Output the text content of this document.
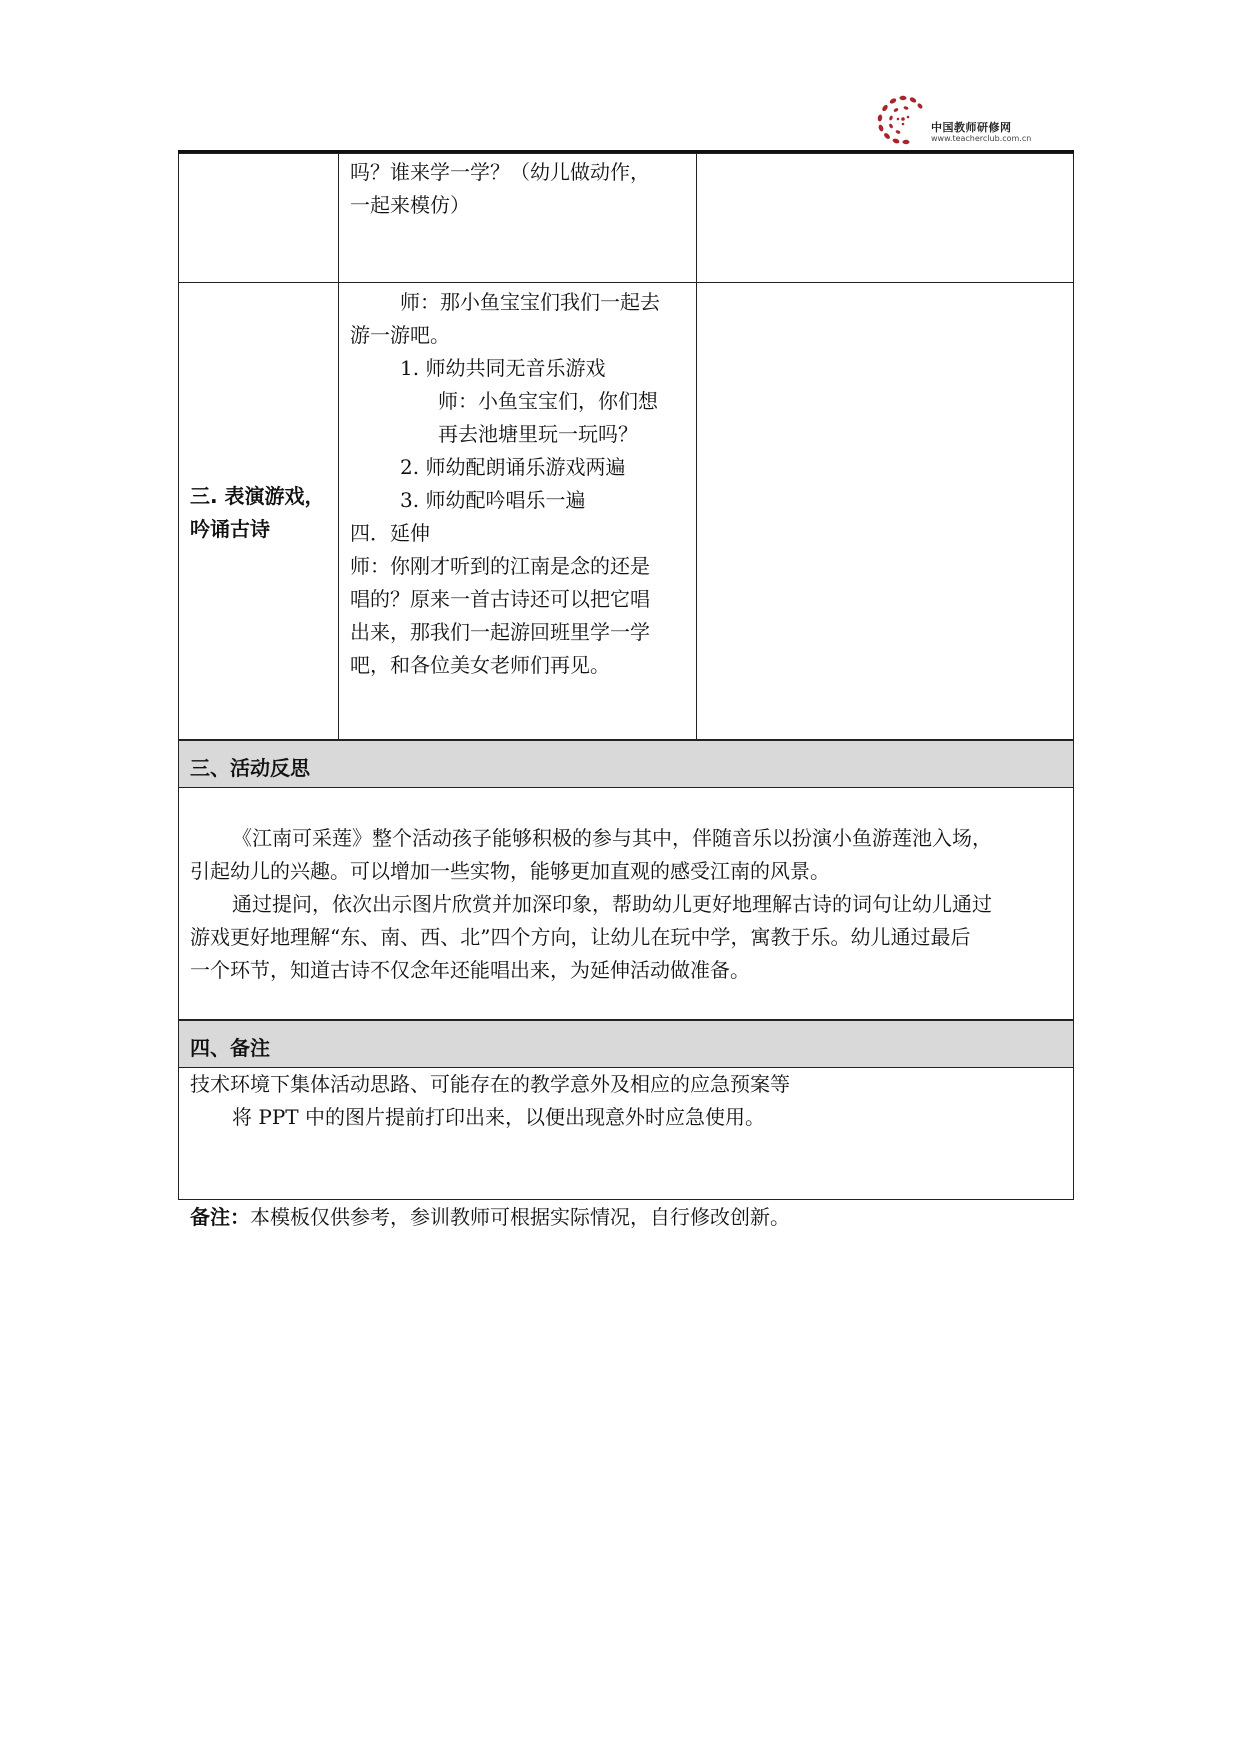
中国教师研修网
www.teacherclub.com.cn
吗？谁来学一学？（幼儿做动作，
一起来模仿）
三. 表演游戏，
吟诵古诗
师：那小鱼宝宝们我们一起去
游一游吧。
1. 师幼共同无音乐游戏
师：小鱼宝宝们，你们想
再去池塘里玩一玩吗？
2. 师幼配朗诵乐游戏两遍
3. 师幼配吟唱乐一遍
四．延伸
师：你刚才听到的江南是念的还是
唱的？原来一首古诗还可以把它唱
出来，那我们一起游回班里学一学
吧，和各位美女老师们再见。
三、活动反思
《江南可采莲》整个活动孩子能够积极的参与其中，伴随音乐以扮演小鱼游莲池入场，
引起幼儿的兴趣。可以增加一些实物，能够更加直观的感受江南的风景。
通过提问，依次出示图片欣赏并加深印象，帮助幼儿更好地理解古诗的词句让幼儿通过
游戏更好地理解“东、南、西、北”四个方向，让幼儿在玩中学，寓教于乐。幼儿通过最后
一个环节，知道古诗不仅念年还能唱出来，为延伸活动做准备。
四、备注
技术环境下集体活动思路、可能存在的教学意外及相应的应急预案等
将 PPT 中的图片提前打印出来，以便出现意外时应急使用。
备注：本模板仅供参考，参训教师可根据实际情况，自行修改创新。
